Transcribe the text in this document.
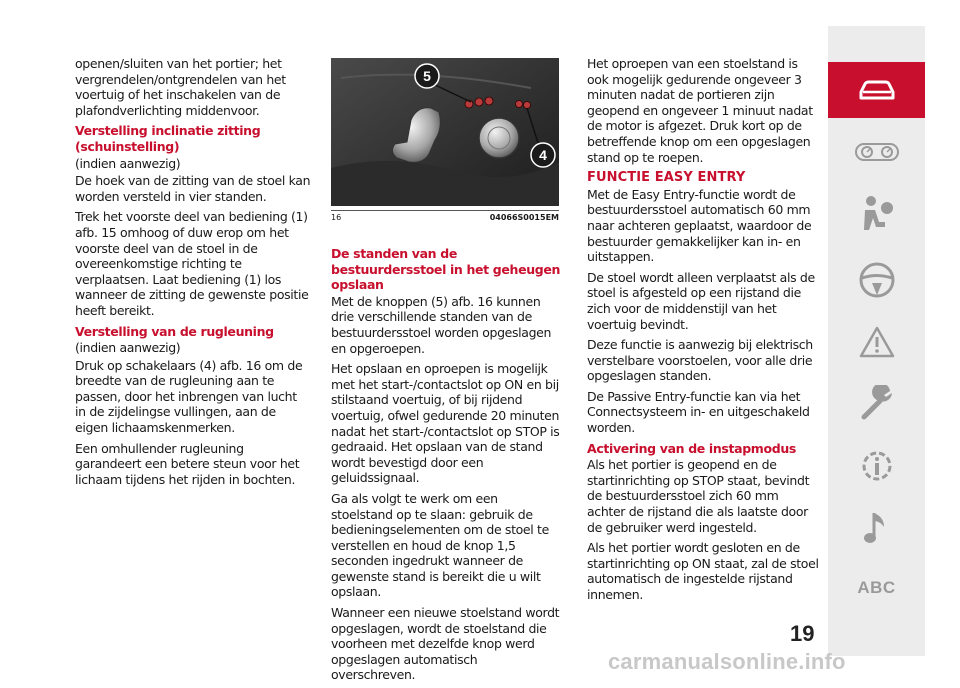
openen/sluiten van het portier; het vergrendelen/ontgrendelen van het voertuig of het inschakelen van de plafondverlichting middenvoor.

Verstelling inclinatie zitting (schuinstelling)

(indien aanwezig)

De hoek van de zitting van de stoel kan worden versteld in vier standen.

Trek het voorste deel van bediening (1) afb. 15 omhoog of duw erop om het voorste deel van de stoel in de overeenkomstige richting te verplaatsen. Laat bediening (1) los wanneer de zitting de gewenste positie heeft bereikt.

Verstelling van de rugleuning

(indien aanwezig)

Druk op schakelaars (4) afb. 16 om de breedte van de rugleuning aan te passen, door het inbrengen van lucht in de zijdelingse vullingen, aan de eigen lichaamskenmerken.

Een omhullender rugleuning garandeert een betere steun voor het lichaam tijdens het rijden in bochten.

5
4
16	04066S0015EM
De standen van de bestuurdersstoel in het geheugen opslaan

Met de knoppen (5) afb. 16 kunnen drie verschillende standen van de bestuurdersstoel worden opgeslagen en opgeroepen.

Het opslaan en oproepen is mogelijk met het start-/contactslot op ON en bij stilstaand voertuig, of bij rijdend voertuig, ofwel gedurende 20 minuten nadat het start-/contactslot op STOP is gedraaid. Het opslaan van de stand wordt bevestigd door een geluidssignaal.

Ga als volgt te werk om een stoelstand op te slaan: gebruik de bedieningselementen om de stoel te verstellen en houd de knop 1,5 seconden ingedrukt wanneer de gewenste stand is bereikt die u wilt opslaan.

Wanneer een nieuwe stoelstand wordt opgeslagen, wordt de stoelstand die voorheen met dezelfde knop werd opgeslagen automatisch overschreven.

Het oproepen van een stoelstand is ook mogelijk gedurende ongeveer 3 minuten nadat de portieren zijn geopend en ongeveer 1 minuut nadat de motor is afgezet. Druk kort op de betreffende knop om een opgeslagen stand op te roepen.

FUNCTIE EASY ENTRY

Met de Easy Entry-functie wordt de bestuurdersstoel automatisch 60 mm naar achteren geplaatst, waardoor de bestuurder gemakkelijker kan in- en uitstappen.

De stoel wordt alleen verplaatst als de stoel is afgesteld op een rijstand die zich voor de middenstijl van het voertuig bevindt.

Deze functie is aanwezig bij elektrisch verstelbare voorstoelen, voor alle drie opgeslagen standen.

De Passive Entry-functie kan via het Connectsysteem in- en uitgeschakeld worden.

Activering van de instapmodus

Als het portier is geopend en de startinrichting op STOP staat, bevindt de bestuurdersstoel zich 60 mm achter de rijstand die als laatste door de gebruiker werd ingesteld.

Als het portier wordt gesloten en de startinrichting op ON staat, zal de stoel automatisch de ingestelde rijstand innemen.	ABC
19
carmanualsonline.info
